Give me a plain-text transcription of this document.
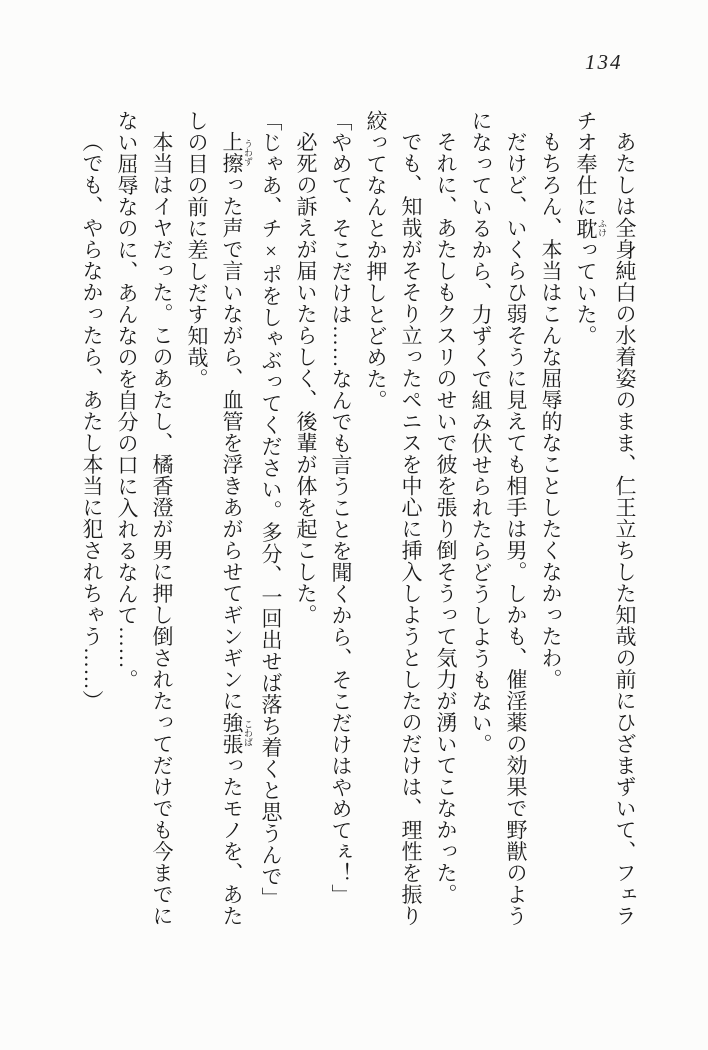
134

あたしは全身純白の水着姿のまま、仁王立ちした知哉の前にひざまずいて、フェラ

チオ奉仕に耽 ふけっていた。

もちろん、本当はこんな屈辱的なことしたくなかったわ。

だけど、いくらひ弱そうに見えても相手は男。しかも、催淫薬の効果で野獣のよう

になっているから、力ずくで組み伏せられたらどうしようもない。

それに、あたしもクスリのせいで彼を張り倒そうって気力が湧いてこなかった。

でも、知哉がそそり立ったペニスを中心に挿入しようとしたのだけは、理性を振り

絞ってなんとか押しとどめた。

「やめて、そこだけは……なんでも言うことを聞くから、そこだけはやめてぇ！」

必死の訴えが届いたらしく、後輩が体を起こした。

「じゃあ、チ×ポをしゃぶってください。多分、一回出せば落ち着くと思うんで」

上擦 うわずった声で言いながら、血管を浮きあがらせてギンギンに強張 こわばったモノを、あた

しの目の前に差しだす知哉。

本当はイヤだった。このあたし、橘香澄が男に押し倒されたってだけでも今までに

ない屈辱なのに、あんなのを自分の口に入れるなんて……。

（でも、やらなかったら、あたし本当に犯されちゃう……）
